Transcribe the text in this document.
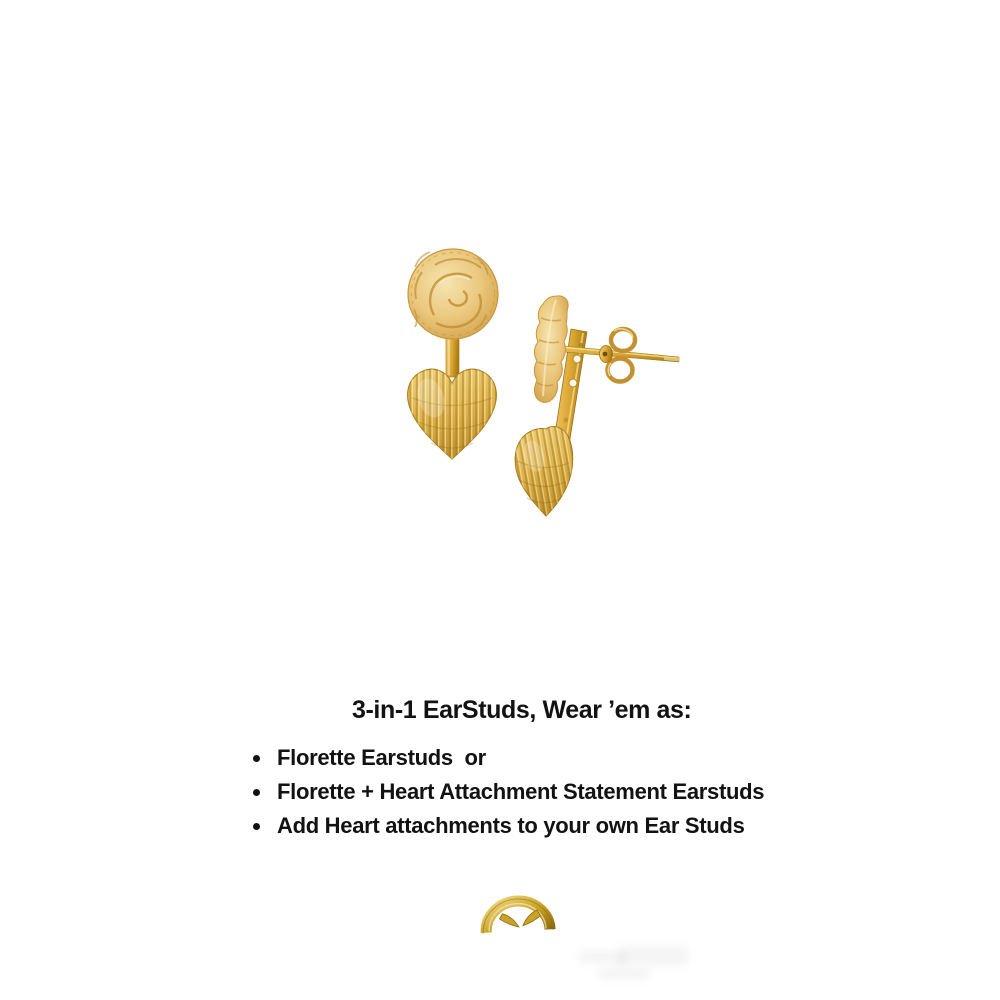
3-in-1 EarStuds, Wear ’em as:
Florette Earstuds  or
Florette + Heart Attachment Statement Earstuds
Add Heart attachments to your own Ear Studs
